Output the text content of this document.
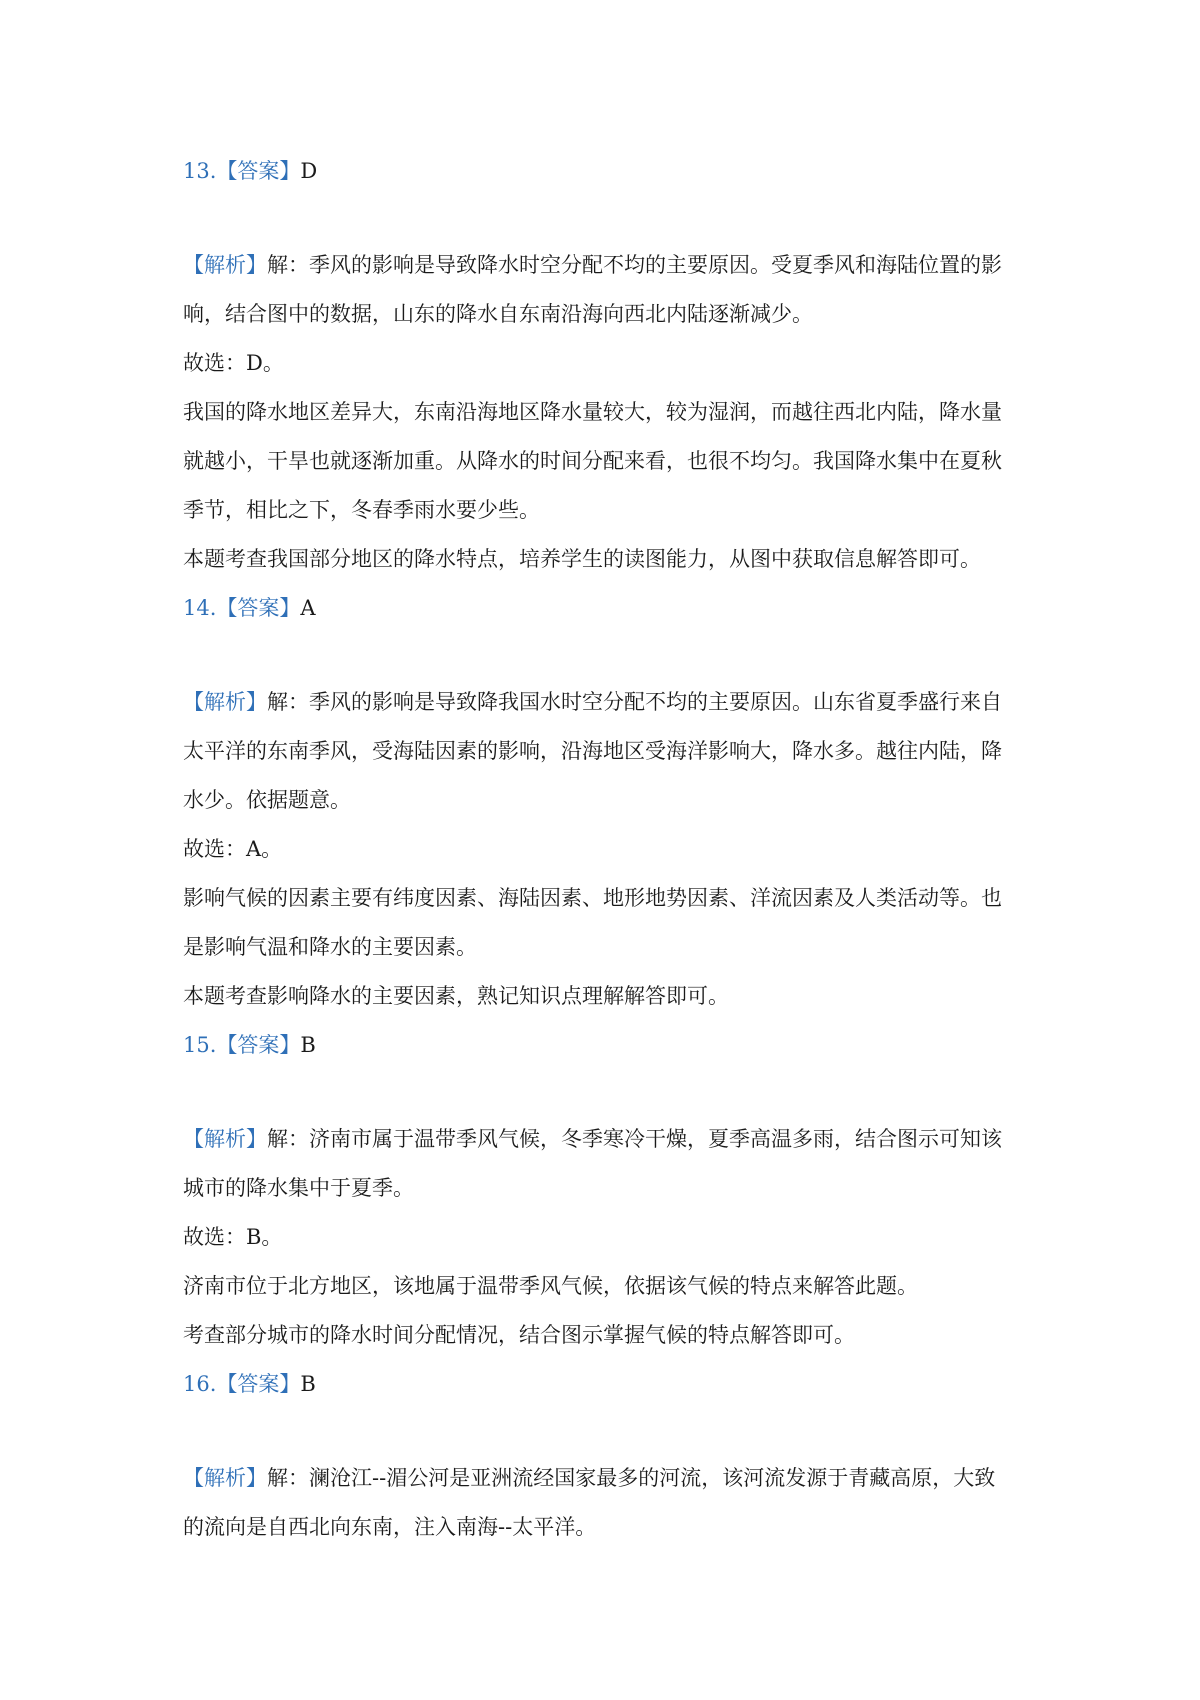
13.【答案】D
【解析】解：季风的影响是导致降水时空分配不均的主要原因。受夏季风和海陆位置的影
响，结合图中的数据，山东的降水自东南沿海向西北内陆逐渐减少。
故选：D。
我国的降水地区差异大，东南沿海地区降水量较大，较为湿润，而越往西北内陆，降水量
就越小，干旱也就逐渐加重。从降水的时间分配来看，也很不均匀。我国降水集中在夏秋
季节，相比之下，冬春季雨水要少些。
本题考查我国部分地区的降水特点，培养学生的读图能力，从图中获取信息解答即可。
14.【答案】A
【解析】解：季风的影响是导致降我国水时空分配不均的主要原因。山东省夏季盛行来自
太平洋的东南季风，受海陆因素的影响，沿海地区受海洋影响大，降水多。越往内陆，降
水少。依据题意。
故选：A。
影响气候的因素主要有纬度因素、海陆因素、地形地势因素、洋流因素及人类活动等。也
是影响气温和降水的主要因素。
本题考查影响降水的主要因素，熟记知识点理解解答即可。
15.【答案】B
【解析】解：济南市属于温带季风气候，冬季寒冷干燥，夏季高温多雨，结合图示可知该
城市的降水集中于夏季。
故选：B。
济南市位于北方地区，该地属于温带季风气候，依据该气候的特点来解答此题。
考查部分城市的降水时间分配情况，结合图示掌握气候的特点解答即可。
16.【答案】B
【解析】解：澜沧江--湄公河是亚洲流经国家最多的河流，该河流发源于青藏高原，大致
的流向是自西北向东南，注入南海--太平洋。
